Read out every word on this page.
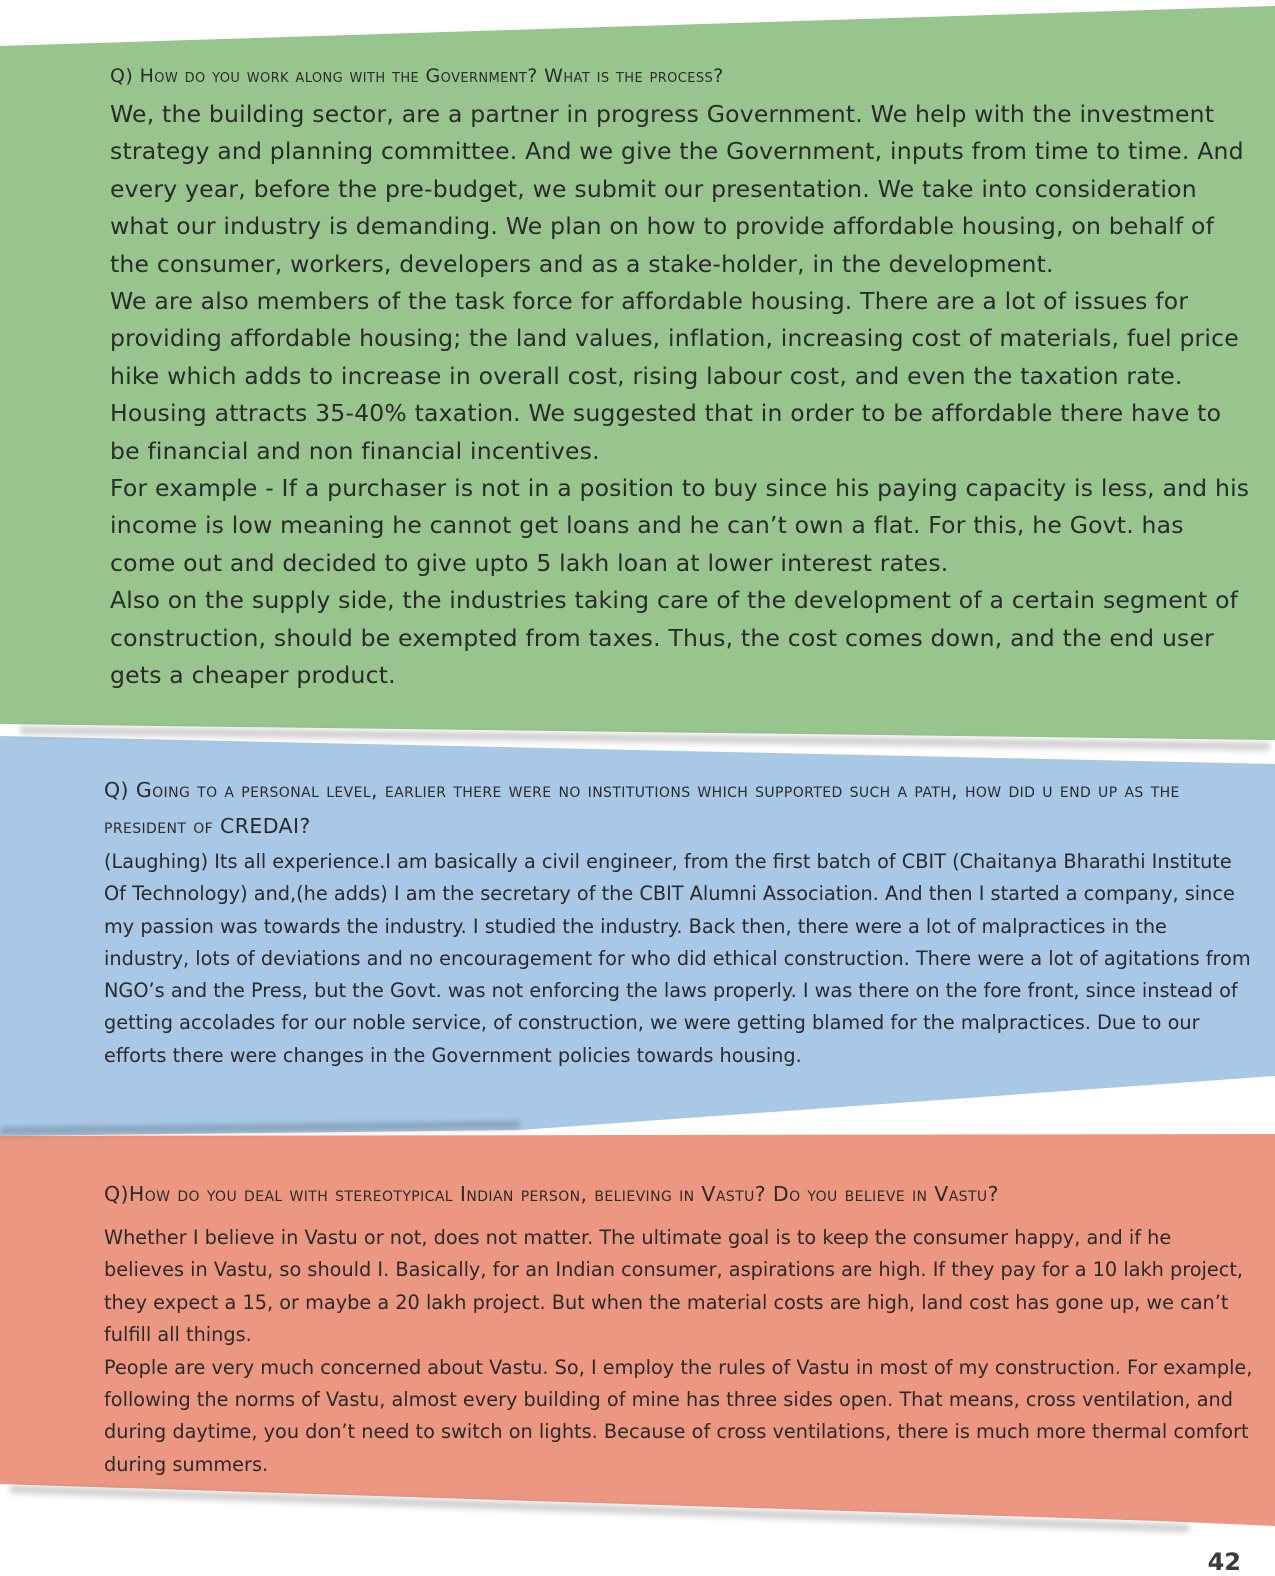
Q) How do you work along with the Government? What is the process?

We, the building sector, are a partner in progress Government. We help with the investment strategy and planning committee. And we give the Government, inputs from time to time. And every year, before the pre-budget, we submit our presentation. We take into consideration what our industry is demanding. We plan on how to provide affordable housing, on behalf of the consumer, workers, developers and as a stake-holder, in the development.

We are also members of the task force for affordable housing. There are a lot of issues for providing affordable housing; the land values, inflation, increasing cost of materials, fuel price hike which adds to increase in overall cost, rising labour cost, and even the taxation rate. Housing attracts 35-40% taxation. We suggested that in order to be affordable there have to be financial and non financial incentives.

For example - If a purchaser is not in a position to buy since his paying capacity is less, and his income is low meaning he cannot get loans and he can’t own a flat. For this, he Govt. has come out and decided to give upto 5 lakh loan at lower interest rates.

Also on the supply side, the industries taking care of the development of a certain segment of construction, should be exempted from taxes. Thus, the cost comes down, and the end user gets a cheaper product.

Q) Going to a personal level, earlier there were no institutions which supported such a path, how did u end up as the president of CREDAI?

(Laughing) Its all experience.I am basically a civil engineer, from the first batch of CBIT (Chaitanya Bharathi Institute Of Technology) and,(he adds) I am the secretary of the CBIT Alumni Association. And then I started a company, since my passion was towards the industry. I studied the industry. Back then, there were a lot of malpractices in the industry, lots of deviations and no encouragement for who did ethical construction. There were a lot of agitations from NGO’s and the Press, but the Govt. was not enforcing the laws properly. I was there on the fore front, since instead of getting accolades for our noble service, of construction, we were getting blamed for the malpractices. Due to our efforts there were changes in the Government policies towards housing.

Q)How do you deal with stereotypical Indian person, believing in Vastu? Do you believe in Vastu?

Whether I believe in Vastu or not, does not matter. The ultimate goal is to keep the consumer happy, and if he believes in Vastu, so should I. Basically, for an Indian consumer, aspirations are high. If they pay for a 10 lakh project, they expect a 15, or maybe a 20 lakh project. But when the material costs are high, land cost has gone up, we can’t fulfill all things.

People are very much concerned about Vastu. So, I employ the rules of Vastu in most of my construction. For example, following the norms of Vastu, almost every building of mine has three sides open. That means, cross ventilation, and during daytime, you don’t need to switch on lights. Because of cross ventilations, there is much more thermal comfort during summers.

42
